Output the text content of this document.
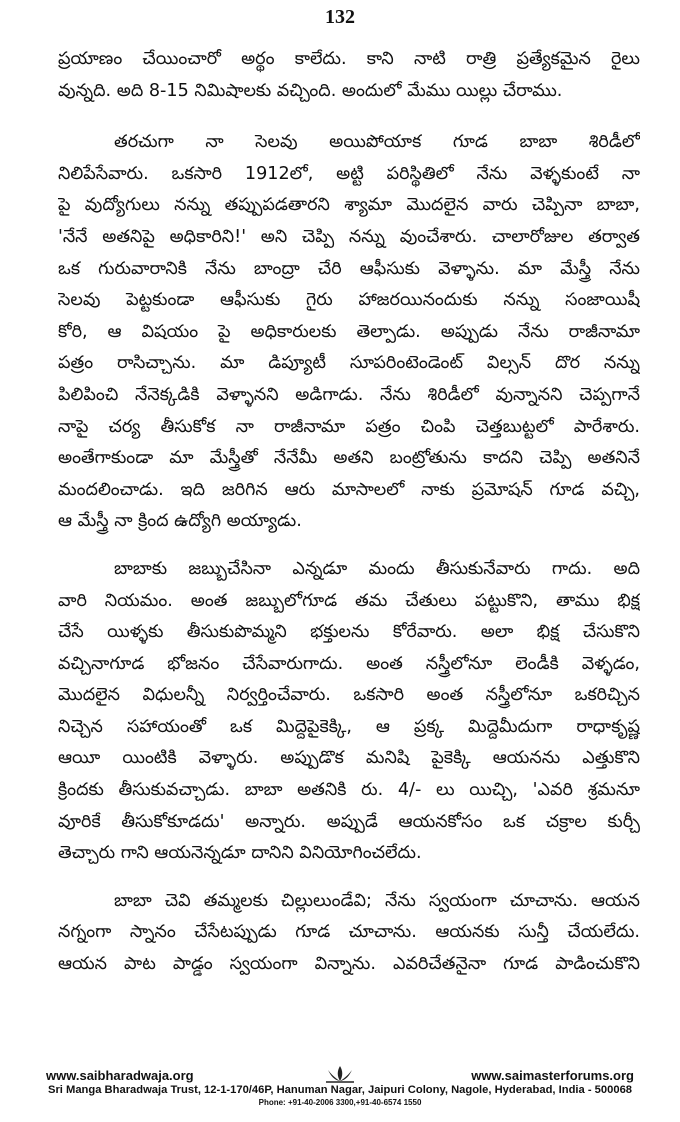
132
ప్రయాణం చేయించారో అర్థం కాలేదు. కాని నాటి రాత్రి ప్రత్యేకమైన రైలు
వున్నది. అది 8-15 నిమిషాలకు వచ్చింది. అందులో మేము యిల్లు చేరాము.
తరచుగా నా సెలవు అయిపోయాక గూడ బాబా శిరిడీలో
నిలిపేసేవారు. ఒకసారి 1912లో, అట్టి పరిస్థితిలో నేను వెళ్ళకుంటే నా
పై వుద్యోగులు నన్ను తప్పుపడతారని శ్యామా మొదలైన వారు చెప్పినా బాబా,
'నేనే అతనిపై అధికారిని!' అని చెప్పి నన్ను వుంచేశారు. చాలారోజుల తర్వాత
ఒక గురువారానికి నేను బాంద్రా చేరి ఆఫీసుకు వెళ్ళాను. మా మేస్త్రీ నేను
సెలవు పెట్టకుండా ఆఫీసుకు గైరు హాజరయినందుకు నన్ను సంజాయిషీ
కోరి, ఆ విషయం పై అధికారులకు తెల్పాడు. అప్పుడు నేను రాజీనామా
పత్రం రాసిచ్చాను. మా డిప్యూటీ సూపరింటెండెంట్ విల్సన్ దొర నన్ను
పిలిపించి నేనెక్కడికి వెళ్ళానని అడిగాడు. నేను శిరిడీలో వున్నానని చెప్పగానే
నాపై చర్య తీసుకోక నా రాజీనామా పత్రం చింపి చెత్తబుట్టలో పారేశారు.
అంతేగాకుండా మా మేస్త్రీతో నేనేమీ అతని బంట్రోతును కాదని చెప్పి అతనినే
మందలించాడు. ఇది జరిగిన ఆరు మాసాలలో నాకు ప్రమోషన్ గూడ వచ్చి,
ఆ మేస్త్రీ నా క్రింద ఉద్యోగి అయ్యాడు.
బాబాకు జబ్బుచేసినా ఎన్నడూ మందు తీసుకునేవారు గాదు. అది
వారి నియమం. అంత జబ్బులోగూడ తమ చేతులు పట్టుకొని, తాము భిక్ష
చేసే యిళ్ళకు తీసుకుపొమ్మని భక్తులను కోరేవారు. అలా భిక్ష చేసుకొని
వచ్చినాగూడ భోజనం చేసేవారుగాదు. అంత నస్త్రీలోనూ లెండీకి వెళ్ళడం,
మొదలైన విధులన్నీ నిర్వర్తించేవారు. ఒకసారి అంత నస్త్రీలోనూ ఒకరిచ్చిన
నిచ్చెన సహాయంతో ఒక మిద్దెపైకెక్కి, ఆ ప్రక్క మిద్దెమీదుగా రాధాకృష్ణ
ఆయీ యింటికి వెళ్ళారు. అప్పుడొక మనిషి పైకెక్కి ఆయనను ఎత్తుకొని
క్రిందకు తీసుకువచ్చాడు. బాబా అతనికి రు. 4/- లు యిచ్చి, 'ఎవరి శ్రమనూ
వూరికే తీసుకోకూడదు' అన్నారు. అప్పుడే ఆయనకోసం ఒక చక్రాల కుర్చీ
తెచ్చారు గాని ఆయనెన్నడూ దానిని వినియోగించలేదు.
బాబా చెవి తమ్మలకు చిల్లులుండేవి; నేను స్వయంగా చూచాను. ఆయన
నగ్నంగా స్నానం చేసేటప్పుడు గూడ చూచాను. ఆయనకు సున్తీ చేయలేదు.
ఆయన పాట పాడ్డం స్వయంగా విన్నాను. ఎవరిచేతనైనా గూడ పాడించుకొని
www.saibharadwaja.org	www.saimasterforums.org
Sri Manga Bharadwaja Trust, 12-1-170/46P, Hanuman Nagar, Jaipuri Colony, Nagole, Hyderabad, India - 500068
Phone: +91-40-2006 3300,+91-40-6574 1550
